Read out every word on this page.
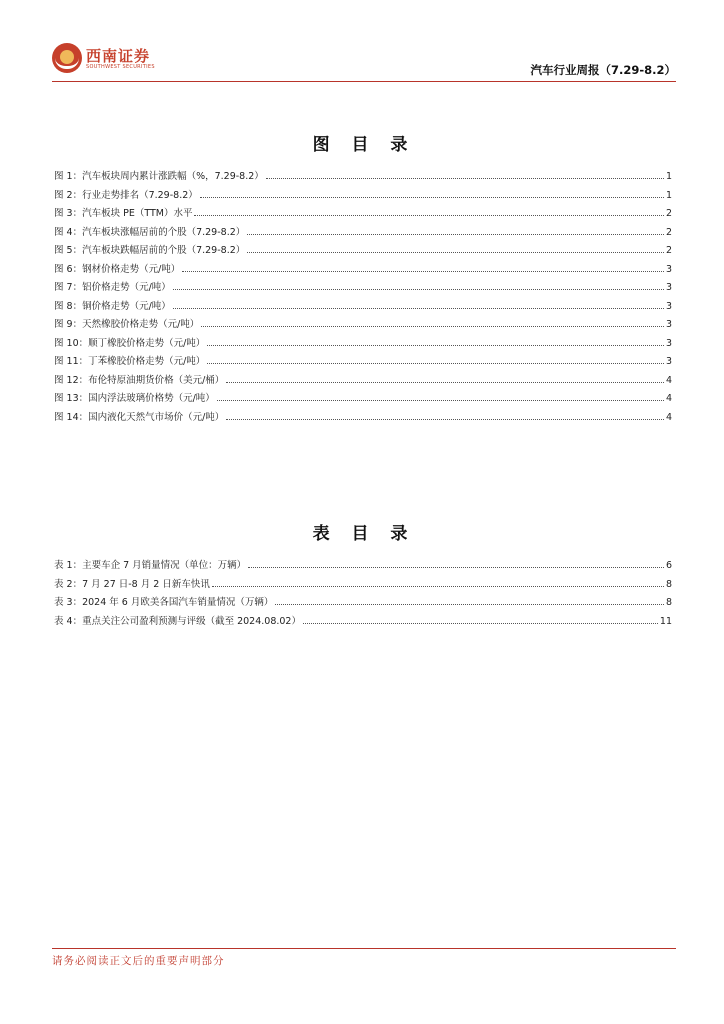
西南证券
SOUTHWEST SECURITIES	汽车行业周报（7.29-8.2）
图 目 录
图 1：汽车板块周内累计涨跌幅（%，7.29-8.2）	1
图 2：行业走势排名（7.29-8.2）	1
图 3：汽车板块 PE（TTM）水平	2
图 4：汽车板块涨幅居前的个股（7.29-8.2）	2
图 5：汽车板块跌幅居前的个股（7.29-8.2）	2
图 6：钢材价格走势（元/吨）	3
图 7：铝价格走势（元/吨）	3
图 8：铜价格走势（元/吨）	3
图 9：天然橡胶价格走势（元/吨）	3
图 10：顺丁橡胶价格走势（元/吨）	3
图 11：丁苯橡胶价格走势（元/吨）	3
图 12：布伦特原油期货价格（美元/桶）	4
图 13：国内浮法玻璃价格势（元/吨）	4
图 14：国内液化天然气市场价（元/吨）	4
表 目 录
表 1：主要车企 7 月销量情况（单位：万辆）	6
表 2：7 月 27 日-8 月 2 日新车快讯	8
表 3：2024 年 6 月欧美各国汽车销量情况（万辆）	8
表 4：重点关注公司盈利预测与评级（截至 2024.08.02）	11
请务必阅读正文后的重要声明部分
